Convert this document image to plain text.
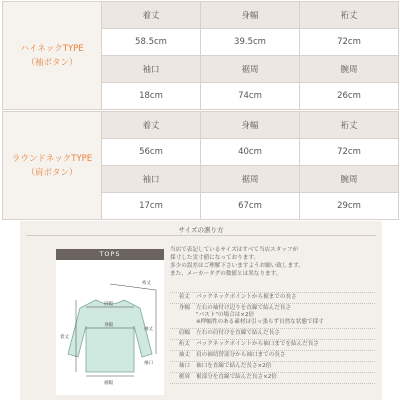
ハイネックTYPE
（袖ボタン）	着丈	身幅	裄丈
	58.5cm	39.5cm	72cm
	袖口	裾周	腕周
	18cm	74cm	26cm
ラウンドネックTYPE
（肩ボタン）	着丈	身幅	裄丈
	56cm	40cm	72cm
	袖口	裾周	腕周
	17cm	67cm	29cm
サイズの測り方
TOPS
裄丈
肩幅
身幅
着丈
袖丈
袖口
裾幅
当店で表記しているサイズはすべて当店スタッフが
採寸した実寸値になっております。
多少の誤差はご理解下さいますようお願い致します。
また、メーカータグの数値とは異なります。
着丈 バックネックポイントから裾までの長さ
身幅 左右の袖付け辺りを直線で結んだ長さ
"バスト"の場合は×2倍
※押幅性のある素材は引っ張らず自然な状態で採寸
肩幅 左右の肩付けを直線で結んだ長さ
裄丈 バックネックポイントから袖口までを結んだ長さ
袖丈 肩の袖切替部分から袖口までの長さ
袖口 袖口を直線で結んだ長さ×2倍
裾周 裾部分を直線で結んだ長さ×2倍
